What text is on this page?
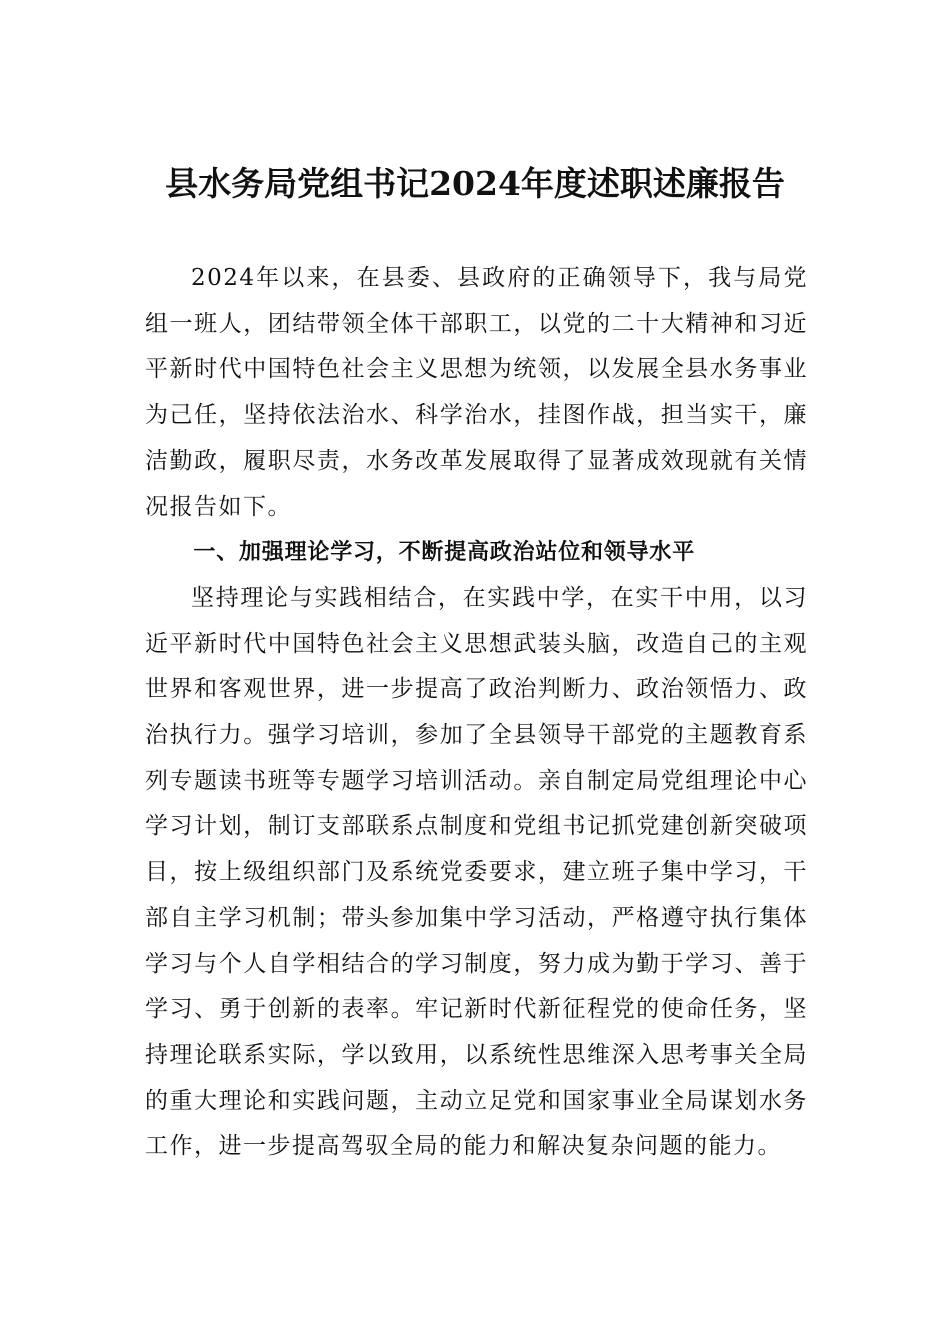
县水务局党组书记2024年度述职述廉报告

2024年以来，在县委、县政府的正确领导下，我与局党组一班人，团结带领全体干部职工，以党的二十大精神和习近平新时代中国特色社会主义思想为统领，以发展全县水务事业为己任，坚持依法治水、科学治水，挂图作战，担当实干，廉洁勤政，履职尽责，水务改革发展取得了显著成效现就有关情况报告如下。

一、加强理论学习，不断提高政治站位和领导水平

坚持理论与实践相结合，在实践中学，在实干中用，以习近平新时代中国特色社会主义思想武装头脑，改造自己的主观世界和客观世界，进一步提高了政治判断力、政治领悟力、政治执行力。强学习培训，参加了全县领导干部党的主题教育系列专题读书班等专题学习培训活动。亲自制定局党组理论中心学习计划，制订支部联系点制度和党组书记抓党建创新突破项目，按上级组织部门及系统党委要求，建立班子集中学习，干部自主学习机制；带头参加集中学习活动，严格遵守执行集体学习与个人自学相结合的学习制度，努力成为勤于学习、善于学习、勇于创新的表率。牢记新时代新征程党的使命任务，坚持理论联系实际，学以致用，以系统性思维深入思考事关全局的重大理论和实践问题，主动立足党和国家事业全局谋划水务工作，进一步提高驾驭全局的能力和解决复杂问题的能力。
